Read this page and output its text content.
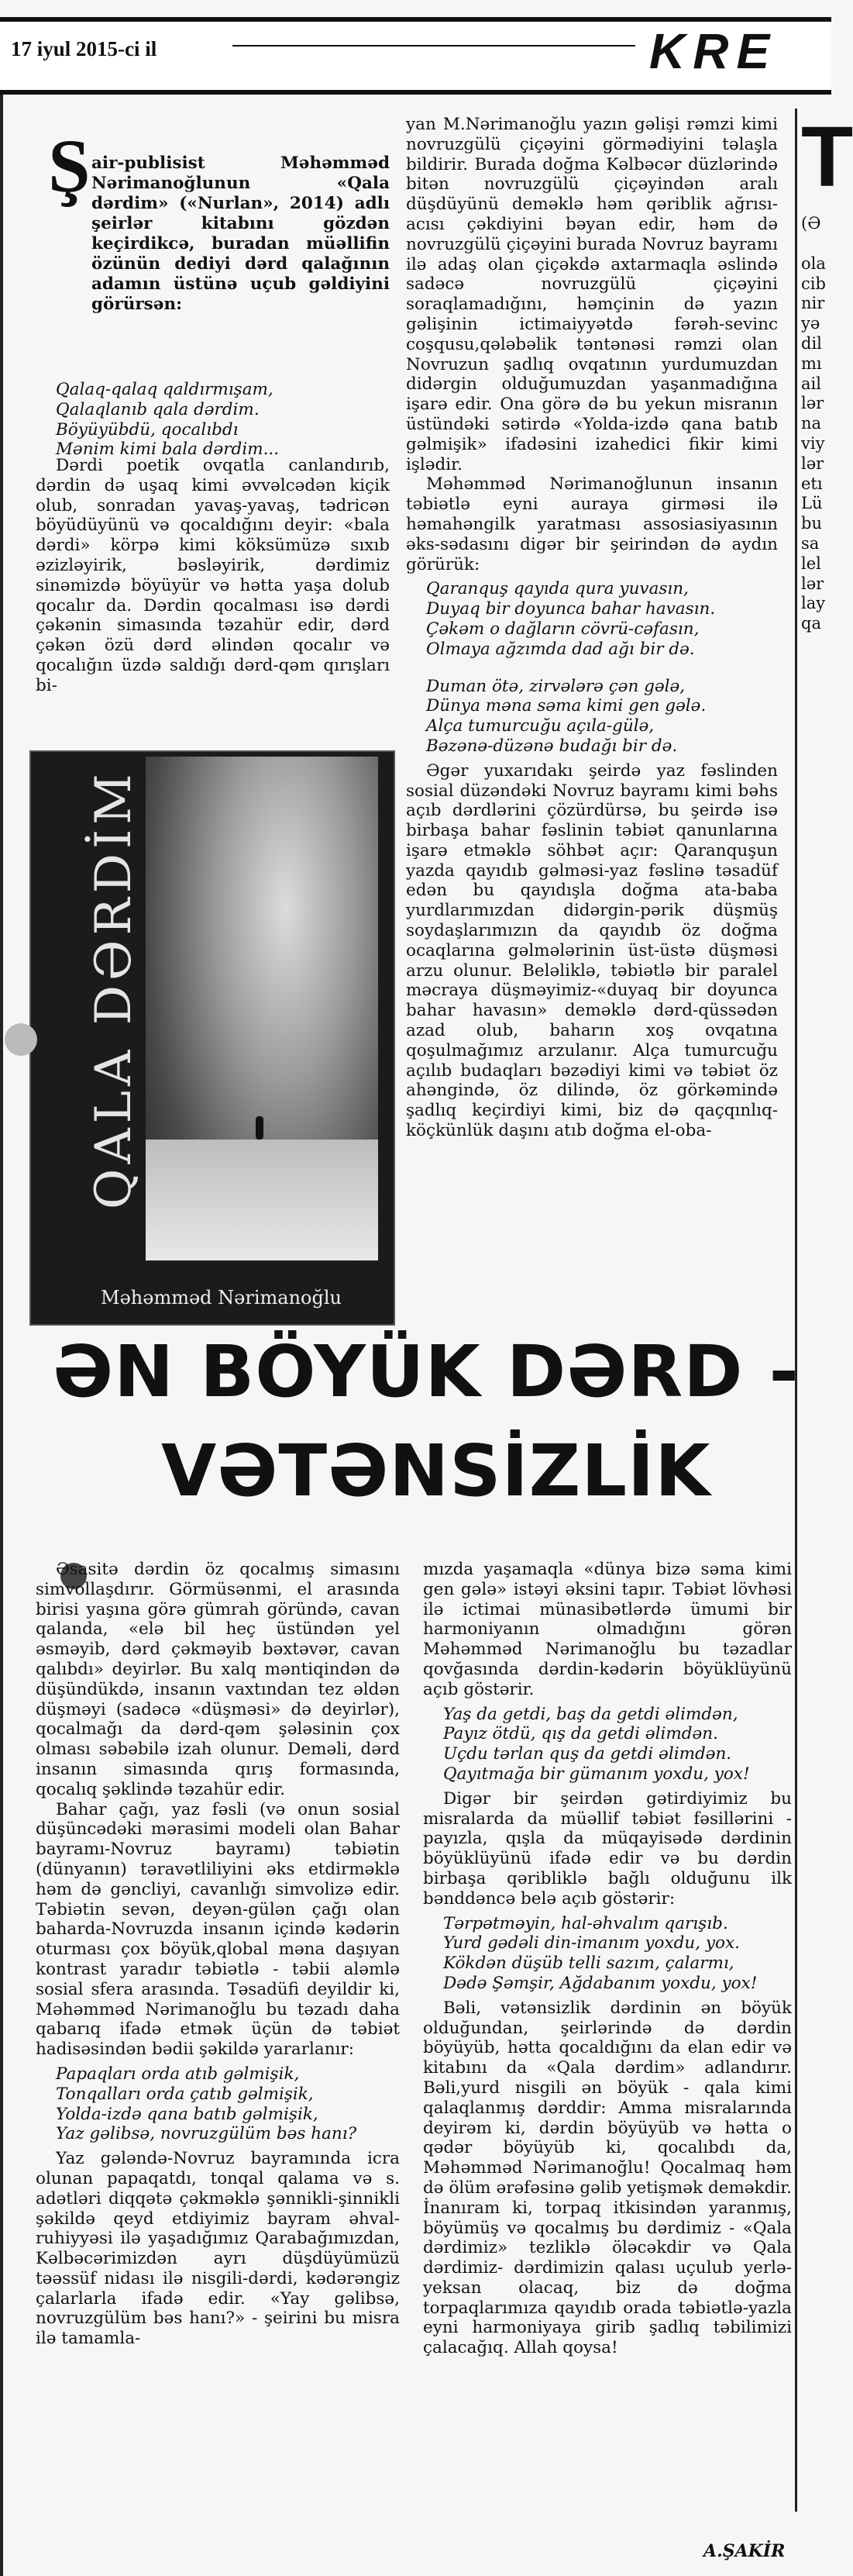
17 iyul 2015-ci il	KRE
Ş air-publisist Məhəmməd Nərimanoğlunun «Qala dərdim» («Nurlan», 2014) adlı şeirlər kitabını gözdən keçirdikcə, buradan müəllifin özünün dediyi dərd qalağının adamın üstünə uçub gəldiyini görürsən:

Qalaq-qalaq qaldırmışam,
Qalaqlanıb qala dərdim.
Böyüyübdü, qocalıbdı
Mənim kimi bala dərdim...

Dərdi poetik ovqatla canlandırıb, dərdin də uşaq kimi əvvəlcədən kiçik olub, sonradan yavaş-yavaş, tədricən böyüdüyünü və qocaldığını deyir: «bala dərdi» körpə kimi köksümüzə sıxıb əzizləyirik, bəsləyirik, dərdimiz sinəmizdə böyüyür və həttа yaşa dolub qocalır da. Dərdin qocalması isə dərdi çəkənin simasında təzahür edir, dərd çəkən özü dərd əlindən qocalır və qocalığın üzdə saldığı dərd-qəm qırışları bi-

QALA DƏRDİM
Məhəmməd Nərimanoğlu

yan M.Nərimanoğlu yazın gəlişi rəmzi kimi novruzgülü çiçəyini görmədiyini təlaşla bildirir. Burada doğma Kəlbəcər düzlərində bitən novruzgülü çiçəyindən aralı düşdüyünü deməklə həm qəriblik ağrısı-acısı çəkdiyini bəyan edir, həm də novruzgülü çiçəyini burada Novruz bayramı ilə adaş olan çiçəkdə axtarmaqla əslində sadəcə novruzgülü çiçəyini soraqlamadığını, həmçinin də yazın gəlişinin ictimaiyyətdə fərəh-sevinc coşqusu,qələbəlik təntənəsi rəmzi olan Novruzun şadlıq ovqatının yurdumuzdan didərgin olduğumuzdan yaşanmadığına işarə edir. Ona görə də bu yekun misranın üstündəki sətirdə «Yolda-izdə qana batıb gəlmişik» ifadəsini izahedici fikir kimi işlədir.

Məhəmməd Nərimanoğlunun insanın təbiətlə eyni auraya girməsi ilə həmahəngilk yaratması assosiasiyasının əks-sədasını digər bir şeirindən də aydın görürük:

Qaranquş qayıda qura yuvasın,
Duyaq bir doyunca bahar havasın.
Çəkəm o dağların cövrü-cəfasın,
Olmaya ağzımda dad ağı bir də.

Duman ötə, zirvələrə çən gələ,
Dünya məna səma kimi gen gələ.
Alça tumurcuğu açıla-gülə,
Bəzənə-düzənə budağı bir də.

Əgər yuxarıdakı şeirdə yaz fəslinden sosial düzəndəki Novruz bayramı kimi bəhs açıb dərdlərini çözürdürsə, bu şeirdə isə birbaşa bahar fəslinin təbiət qanunlarına işarə etməklə söhbət açır: Qaranquşun yazda qayıdıb gəlməsi-yaz fəslinə təsadüf edən bu qayıdışla doğma ata-baba yurdlarımızdan didərgin-pərik düşmüş soydaşlarımızın da qayıdıb öz doğma ocaqlarına gəlmələrinin üst-üstə düşməsi arzu olunur. Beləliklə, təbiətlə bir paralel məcraya düşməyimiz-«duyaq bir doyunca bahar havasın» deməklə dərd-qüssədən azad olub, baharın xoş ovqatına qoşulmağımız arzulanır. Alça tumurcuğu açılıb budaqları bəzədiyi kimi və təbiət öz ahəngində, öz dilində, öz görkəmində şadlıq keçirdiyi kimi, biz də qaçqınlıq-köçkünlük daşını atıb doğma el-oba-

ƏN BÖYÜK DƏRD -
VƏTƏNSİZLİK

Əsasitə dərdin öz qocalmış simasını simvollaşdırır. Görmüsənmi, el arasında birisi yaşına görə gümrah göründə, cavan qalanda, «elə bil heç üstündən yel əsməyib, dərd çəkməyib bəxtəvər, cavan qalıbdı» deyirlər. Bu xalq məntiqindən də düşündükdə, insanın vaxtından tez əldən düşməyi (sadəcə «düşməsi» də deyirlər), qocalmağı da dərd-qəm şələsinin çox olması səbəbilə izah olunur. Deməli, dərd insanın simasında qırış formasında, qocalıq şəklində təzahür edir.

Bahar çağı, yaz fəsli (və onun sosial düşüncədəki mərasimi modeli olan Bahar bayramı-Novruz bayramı) təbiətin (dünyanın) təravətliliyini əks etdirməklə həm də gəncliyi, cavanlığı simvolizə edir. Təbiətin sevən, deyən-gülən çağı olan baharda-Novruzda insanın içində kədərin oturması çox böyük,qlobal məna daşıyan kontrast yaradır təbiətlə - təbii aləmlə sosial sfera arasında. Təsadüfi deyildir ki, Məhəmməd Nərimanoğlu bu təzadı daha qabarıq ifadə etmək üçün də təbiət hadisəsindən bədii şəkildə yararlanır:

Papaqları orda atıb gəlmişik,
Tonqalları orda çatıb gəlmişik,
Yolda-izdə qana batıb gəlmişik,
Yaz gəlibsə, novruzgülüm bəs hanı?

Yaz gələndə-Novruz bayramında icra olunan papaqatdı, tonqal qalama və s. adətləri diqqətə çəkməklə şənnikli-şinnikli şəkildə qeyd etdiyimiz bayram əhval-ruhiyyəsi ilə yaşadığımız Qarabağımızdan, Kəlbəcərimizdən ayrı düşdüyümüzü təəssüf nidası ilə nisgili-dərdi, kədərəngiz çalarlarla ifadə edir. «Yay gəlibsə, novruzgülüm bəs hanı?» - şeirini bu misra ilə tamamla-

mızda yaşamaqla «dünya bizə səma kimi gen gələ» istəyi əksini tapır. Təbiət lövhəsi ilə ictimai münasibətlərdə ümumi bir harmoniyanın olmadığını görən Məhəmməd Nərimanoğlu bu təzadlar qovğasında dərdin-kədərin böyüklüyünü açıb göstərir.

Yaş da getdi, baş da getdi əlimdən,
Payız ötdü, qış da getdi əlimdən.
Uçdu tərlan quş da getdi əlimdən.
Qayıtmağa bir gümanım yoxdu, yox!

Digər bir şeirdən gətirdiyimiz bu misralarda da müəllif təbiət fəsillərini - payızla, qışla da müqayisədə dərdinin böyüklüyünü ifadə edir və bu dərdin birbaşa qəribliklə bağlı olduğunu ilk bənddəncə belə açıb göstərir:

Tərpətməyin, hal-əhvalım qarışıb.
Yurd gədəli din-imanım yoxdu, yox.
Kökdən düşüb telli sazım, çalarmı,
Dədə Şəmşir, Ağdabanım yoxdu, yox!

Bəli, vətənsizlik dərdinin ən böyük olduğundan, şeirlərində də dərdin böyüyüb, hətta qocaldığını da elan edir və kitabını da «Qala dərdim» adlandırır. Bəli,yurd nisgili ən böyük - qala kimi qalaqlanmış dərddir: Amma misralarında deyirəm ki, dərdin böyüyüb və hətta o qədər böyüyüb ki, qocalıbdı da, Məhəmməd Nərimanoğlu! Qocalmaq həm də ölüm ərəfəsinə gəlib yetişmək deməkdir. İnanıram ki, torpaq itkisindən yaranmış, böyümüş və qocalmış bu dərdimiz - «Qala dərdimiz» tezliklə öləcəkdir və Qala dərdimiz- dərdimizin qalası uçulub yerlə-yeksan olacaq, biz də doğma torpaqlarımıza qayıdıb orada təbiətlə-yazla eyni harmoniyaya girib şadlıq təbilimizi çalacağıq. Allah qoysa!

A.ŞAKİR
T
(Ə
ola
cib
nir
yə
dil
mı
ail
lər
na
viy
lər
etı
Lü
bu
sa
lel
lər
lay
qa
